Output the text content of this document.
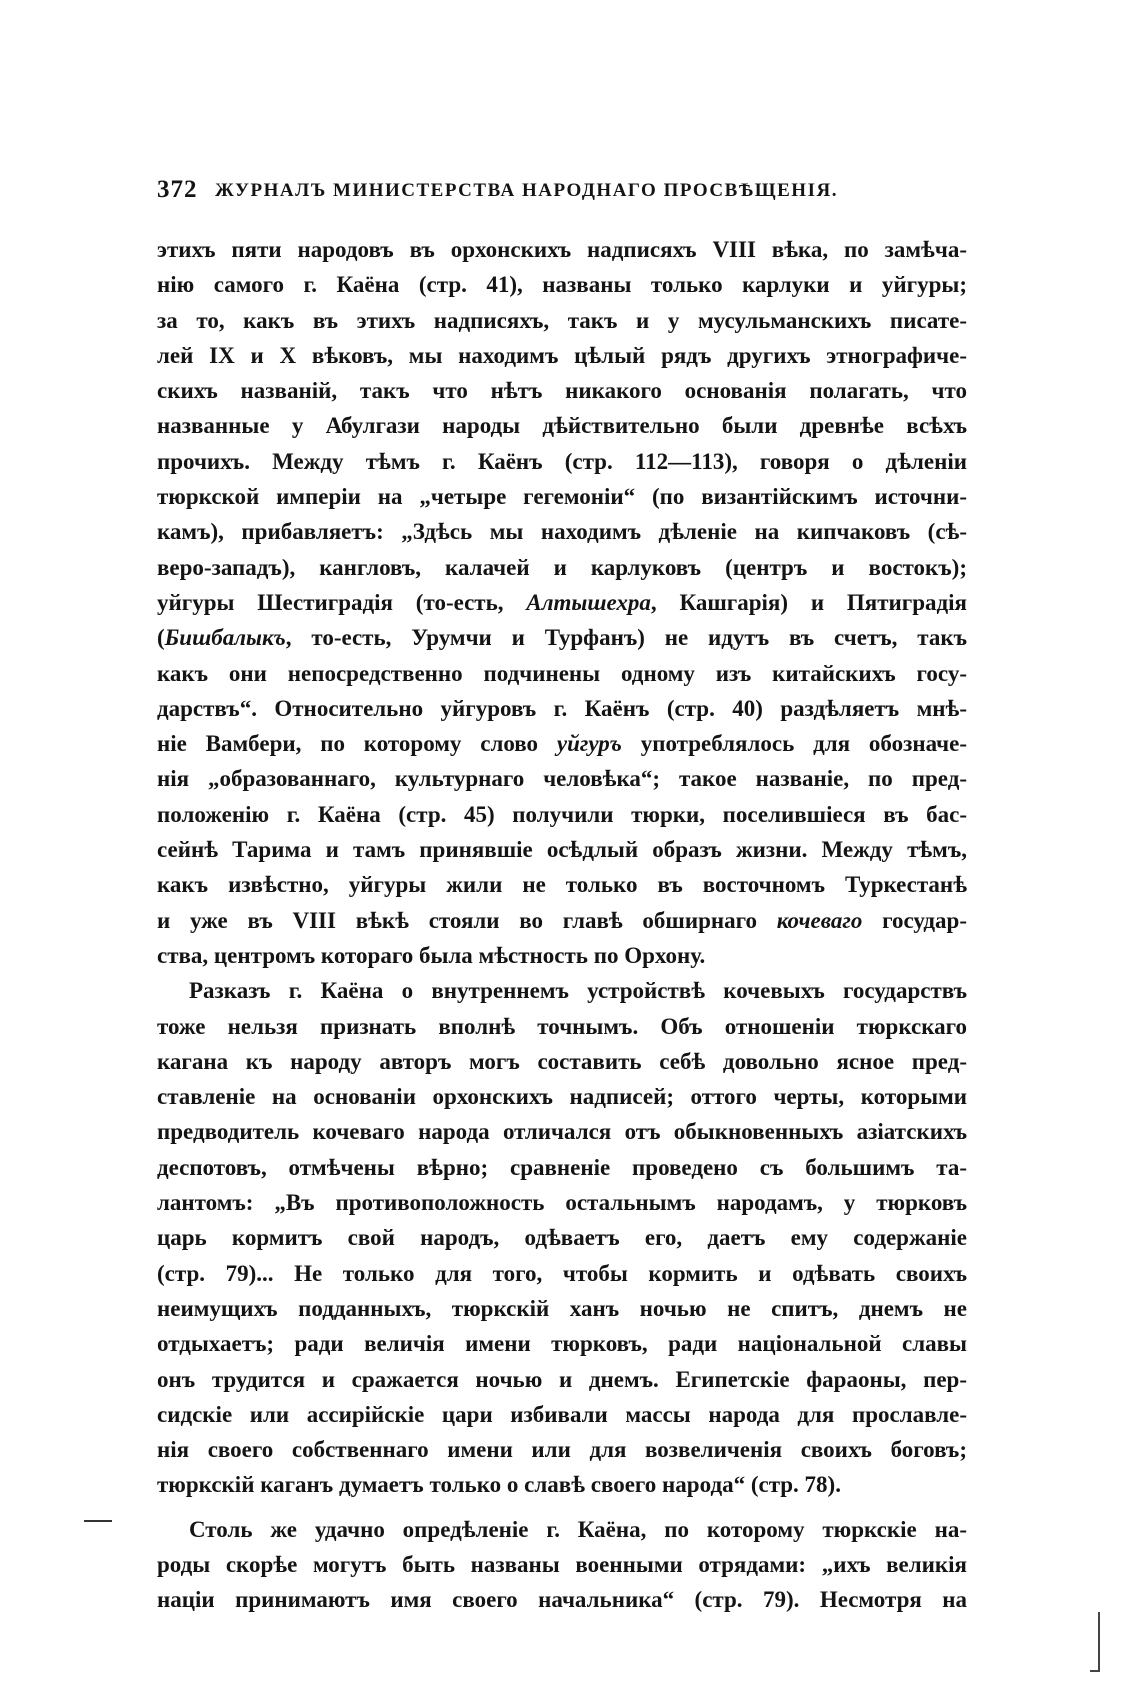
372 ЖУРНАЛЪ МИНИСТЕРСТВА НАРОДНАГО ПРОСВѢЩЕНІЯ.
этихъ пяти народовъ въ орхонскихъ надписяхъ VIII вѣка, по замѣча-
нію самого г. Каёна (стр. 41), названы только карлуки и уйгуры;
за то, какъ въ этихъ надписяхъ, такъ и у мусульманскихъ писате-
лей IX и X вѣковъ, мы находимъ цѣлый рядъ другихъ этнографиче-
скихъ названій, такъ что нѣтъ никакого основанія полагать, что
названные у Абулгази народы дѣйствительно были древнѣе всѣхъ
прочихъ. Между тѣмъ г. Каёнъ (стр. 112—113), говоря о дѣленіи
тюркской имперіи на „четыре гегемоніи“ (по византійскимъ источни-
камъ), прибавляетъ: „Здѣсь мы находимъ дѣленіе на кипчаковъ (сѣ-
веро-западъ), кангловъ, калачей и карлуковъ (центръ и востокъ);
уйгуры Шестиградія (то-есть, Алтышехра, Кашгарія) и Пятиградія
(Бишбалыкъ, то-есть, Урумчи и Турфанъ) не идутъ въ счетъ, такъ
какъ они непосредственно подчинены одному изъ китайскихъ госу-
дарствъ“. Относительно уйгуровъ г. Каёнъ (стр. 40) раздѣляетъ мнѣ-
ніе Вамбери, по которому слово уйгуръ употреблялось для обозначе-
нія „образованнаго, культурнаго человѣка“; такое названіе, по пред-
положенію г. Каёна (стр. 45) получили тюрки, поселившіеся въ бас-
сейнѣ Тарима и тамъ принявшіе осѣдлый образъ жизни. Между тѣмъ,
какъ извѣстно, уйгуры жили не только въ восточномъ Туркестанѣ
и уже въ VIII вѣкѣ стояли во главѣ обширнаго кочеваго государ-
ства, центромъ котораго была мѣстность по Орхону.
Разказъ г. Каёна о внутреннемъ устройствѣ кочевыхъ государствъ
тоже нельзя признать вполнѣ точнымъ. Объ отношеніи тюркскаго
кагана къ народу авторъ могъ составить себѣ довольно ясное пред-
ставленіе на основаніи орхонскихъ надписей; оттого черты, которыми
предводитель кочеваго народа отличался отъ обыкновенныхъ азіатскихъ
деспотовъ, отмѣчены вѣрно; сравненіе проведено съ большимъ та-
лантомъ: „Въ противоположность остальнымъ народамъ, у тюрковъ
царь кормитъ свой народъ, одѣваетъ его, даетъ ему содержаніе
(стр. 79)... Не только для того, чтобы кормить и одѣвать своихъ
неимущихъ подданныхъ, тюркскій ханъ ночью не спитъ, днемъ не
отдыхаетъ; ради величія имени тюрковъ, ради національной славы
онъ трудится и сражается ночью и днемъ. Египетскіе фараоны, пер-
сидскіе или ассирійскіе цари избивали массы народа для прославле-
нія своего собственнаго имени или для возвеличенія своихъ боговъ;
тюркскій каганъ думаетъ только о славѣ своего народа“ (стр. 78).
Столь же удачно опредѣленіе г. Каёна, по которому тюркскіе на-
роды скорѣе могутъ быть названы военными отрядами: „ихъ великія
націи принимаютъ имя своего начальника“ (стр. 79). Несмотря на
